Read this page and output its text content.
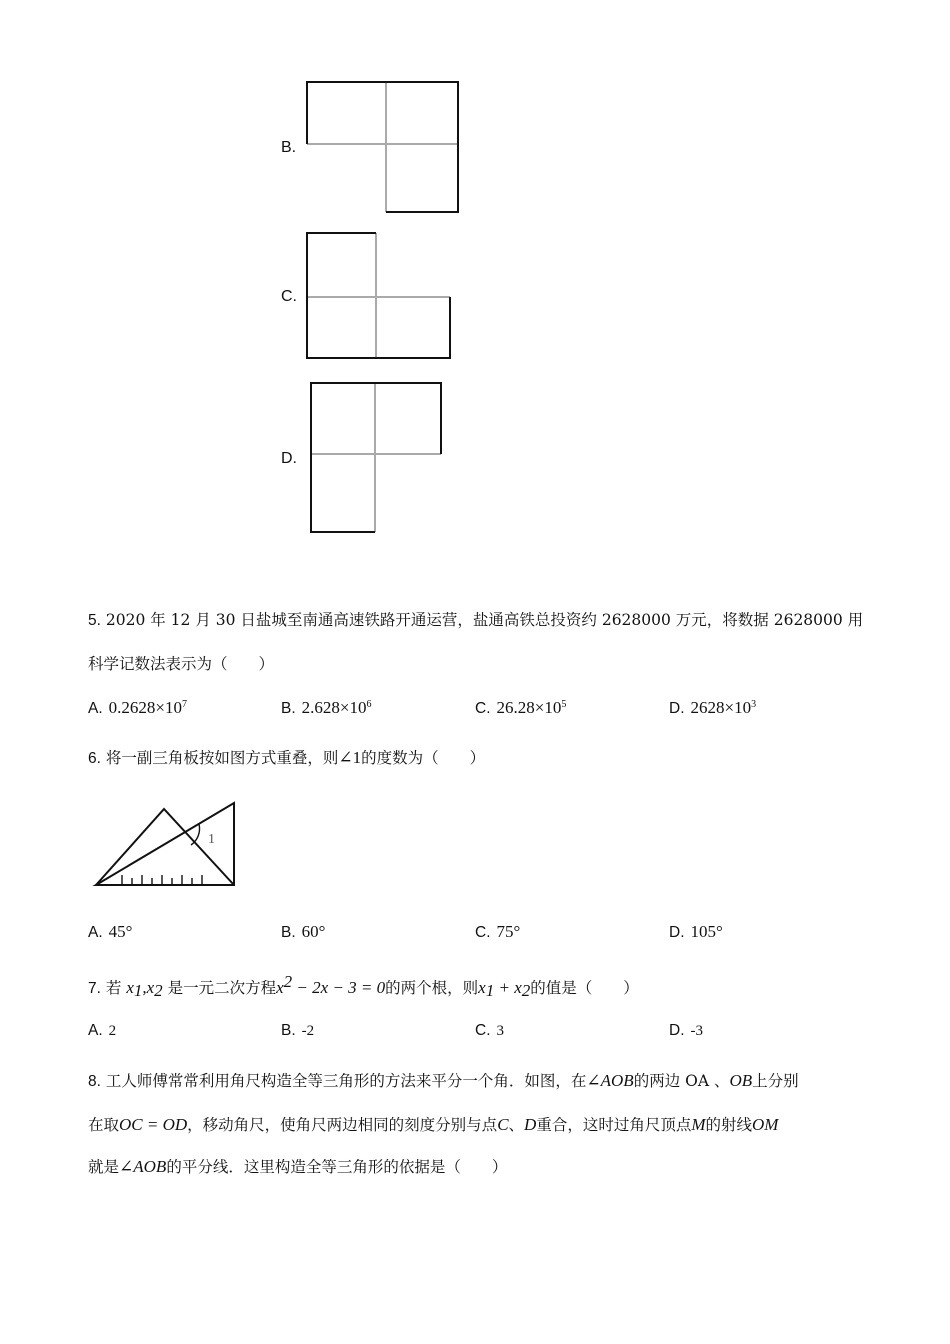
B.
C.
D.
5. 2020 年 12 月 30 日盐城至南通高速铁路开通运营，盐通高铁总投资约 2628000 万元，将数据 2628000 用
科学记数法表示为（　　）
A. $0.2628\times 10^7$	B. $2.628\times 10^6$	C. $26.28\times 10^5$	D. $2628\times 10^3$
6. 将一副三角板按如图方式重叠，则∠1的度数为（　　）
1
A. 45°	B. 60°	C. 75°	D. 105°
7. 若 $x_1,x_2$ 是一元二次方程$x^2 - 2x - 3 = 0$的两个根，则$x_1 + x_2$的值是（　　）
A. 2	B. -2	C. 3	D. -3
8. 工人师傅常常利用角尺构造全等三角形的方法来平分一个角．如图，在∠AOB的两边 OA 、OB上分别
在取OC = OD，移动角尺，使角尺两边相同的刻度分别与点C、D重合，这时过角尺顶点M的射线OM
就是∠AOB的平分线．这里构造全等三角形的依据是（　　）
